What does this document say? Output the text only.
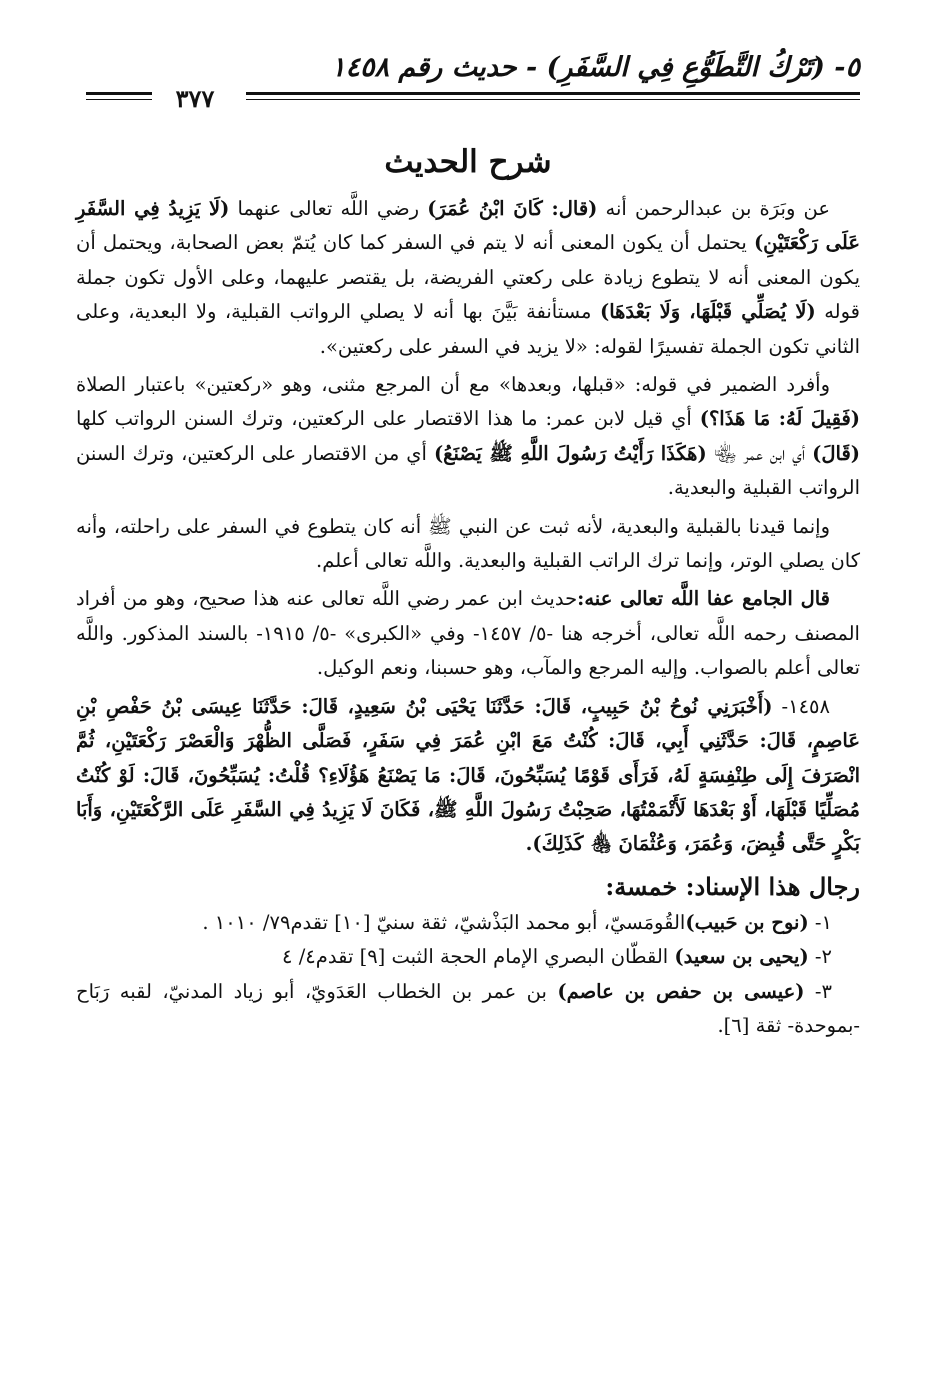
٥- (تَرْكُ التَّطَوُّعِ فِي السَّفَرِ) - حديث رقم ١٤٥٨
٣٧٧
شرح الحديث

عن وبَرَة بن عبدالرحمن أنه (قال: كَانَ ابْنُ عُمَرَ) رضي اللَّه تعالى عنهما (لَا يَزِيدُ فِي السَّفَرِ عَلَى رَكْعَتَيْنِ) يحتمل أن يكون المعنى أنه لا يتم في السفر كما كان يُتمّ بعض الصحابة، ويحتمل أن يكون المعنى أنه لا يتطوع زيادة على ركعتي الفريضة، بل يقتصر عليهما، وعلى الأول تكون جملة قوله (لَا يُصَلِّي قَبْلَهَا، وَلَا بَعْدَهَا) مستأنفة بَيَّنَ بها أنه لا يصلي الرواتب القبلية، ولا البعدية، وعلى الثاني تكون الجملة تفسيرًا لقوله: «لا يزيد في السفر على ركعتين».

وأفرد الضمير في قوله: «قبلها، وبعدها» مع أن المرجع مثنى، وهو «ركعتين» باعتبار الصلاة (فَقِيلَ لَهُ: مَا هَذَا؟) أي قيل لابن عمر: ما هذا الاقتصار على الركعتين، وترك السنن الرواتب كلها (قَالَ) أي ابن عمر ﵄ (هَكَذَا رَأَيْتُ رَسُولَ اللَّهِ ﷺ يَصْنَعُ) أي من الاقتصار على الركعتين، وترك السنن الرواتب القبلية والبعدية.

وإنما قيدنا بالقبلية والبعدية، لأنه ثبت عن النبي ﷺ أنه كان يتطوع في السفر على راحلته، وأنه كان يصلي الوتر، وإنما ترك الراتب القبلية والبعدية. واللَّه تعالى أعلم.

قال الجامع عفا اللَّه تعالى عنه:حديث ابن عمر رضي اللَّه تعالى عنه هذا صحيح، وهو من أفراد المصنف رحمه اللَّه تعالى، أخرجه هنا -٥/ ١٤٥٧- وفي «الكبرى» -٥/ ١٩١٥- بالسند المذكور. واللَّه تعالى أعلم بالصواب. وإليه المرجع والمآب، وهو حسبنا، ونعم الوكيل.

١٤٥٨- (أَخْبَرَنِي نُوحُ بْنُ حَبِيبٍ، قَالَ: حَدَّثَنَا يَحْيَى بْنُ سَعِيدٍ، قَالَ: حَدَّثَنَا عِيسَى بْنُ حَفْصِ بْنِ عَاصِمٍ، قَالَ: حَدَّثَنِي أَبِي، قَالَ: كُنْتُ مَعَ ابْنِ عُمَرَ فِي سَفَرٍ، فَصَلَّى الظُّهْرَ وَالْعَصْرَ رَكْعَتَيْنِ، ثُمَّ انْصَرَفَ إِلَى طِنْفِسَةٍ لَهُ، فَرَأَى قَوْمًا يُسَبِّحُونَ، قَالَ: مَا يَصْنَعُ هَؤُلَاءِ؟ قُلْتُ: يُسَبِّحُونَ، قَالَ: لَوْ كُنْتُ مُصَلِّيًا قَبْلَهَا، أَوْ بَعْدَهَا لَأَتْمَمْتُهَا، صَحِبْتُ رَسُولَ اللَّهِ ﷺ، فَكَانَ لَا يَزِيدُ فِي السَّفَرِ عَلَى الرَّكْعَتَيْنِ، وَأَبَا بَكْرٍ حَتَّى قُبِضَ، وَعُمَرَ، وَعُثْمَانَ ﵃ كَذَلِكَ).

رجال هذا الإسناد: خمسة:

١- (نوح بن حَبيب)القُومَسيّ، أبو محمد البَذْشيّ، ثقة سنيّ [١٠] تقدم٧٩/ ١٠١٠ .

٢- (يحيى بن سعيد) القطّان البصري الإمام الحجة الثبت [٩] تقدم٤/ ٤

٣- (عيسى بن حفص بن عاصم) بن عمر بن الخطاب العَدَويّ، أبو زياد المدنيّ، لقبه رَبَاح -بموحدة- ثقة [٦].
